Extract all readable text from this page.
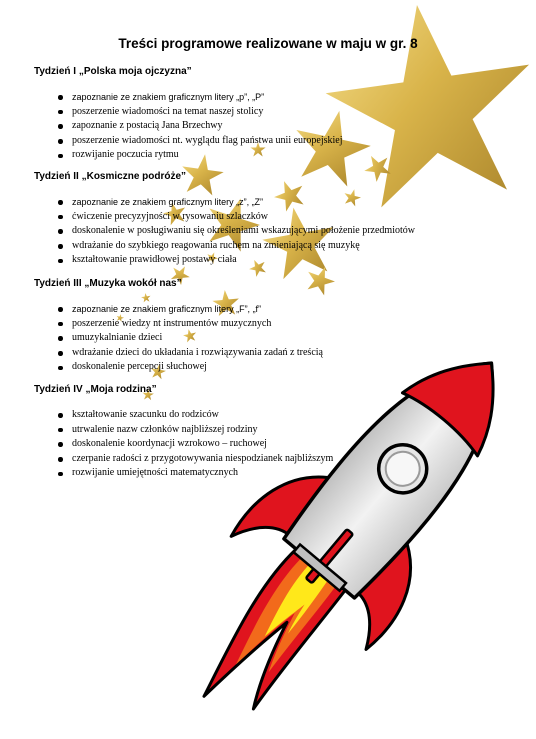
Treści programowe realizowane w maju w gr. 8
Tydzień I „Polska moja ojczyzna”
zapoznanie ze znakiem graficznym litery „p”, „P”
poszerzenie wiadomości na temat naszej stolicy
zapoznanie z postacią Jana Brzechwy
poszerzenie wiadomości nt. wyglądu flag państwa unii europejskiej
rozwijanie poczucia rytmu
Tydzień II „Kosmiczne podróże”
zapoznanie ze znakiem graficznym litery „z”, „Z”
ćwiczenie precyzyjności w rysowaniu szlaczków
doskonalenie w posługiwaniu się określeniami wskazującymi położenie przedmiotów
wdrażanie do szybkiego reagowania ruchem na zmieniającą się muzykę
kształtowanie prawidłowej postawy ciała
Tydzień III „Muzyka wokół nas”
zapoznanie ze znakiem graficznym litery „F”, „f”
poszerzenie wiedzy nt instrumentów muzycznych
umuzykalnianie dzieci
wdrażanie dzieci do układania i rozwiązywania zadań z treścią
doskonalenie percepcji słuchowej
Tydzień IV „Moja rodzina”
kształtowanie szacunku do rodziców
utrwalenie nazw członków najbliższej rodziny
doskonalenie koordynacji wzrokowo – ruchowej
czerpanie radości z przygotowywania niespodzianek najbliższym
rozwijanie umiejętności matematycznych
